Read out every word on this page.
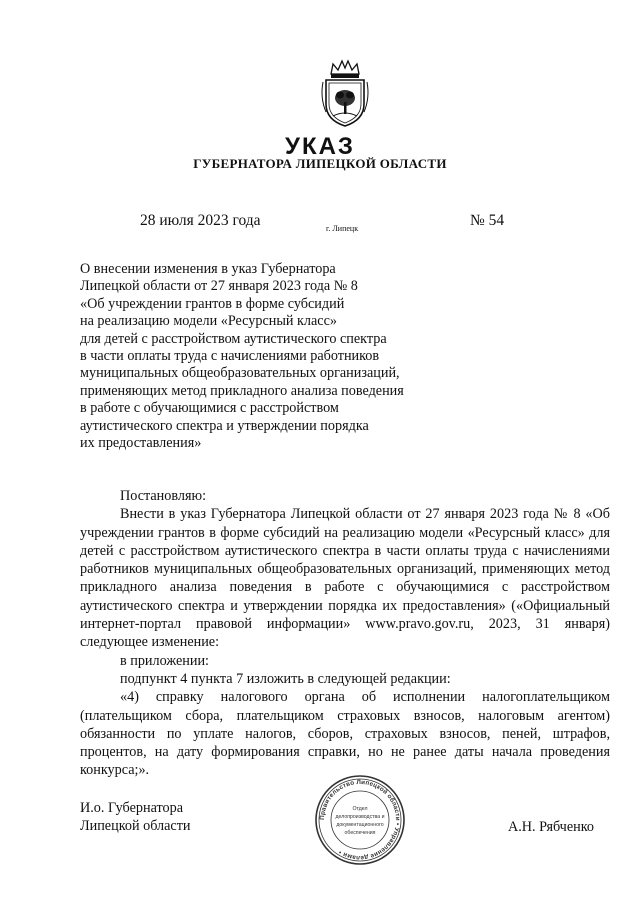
УКАЗ
ГУБЕРНАТОРА ЛИПЕЦКОЙ ОБЛАСТИ
28 июля 2023 года	г. Липецк	№ 54
О внесении изменения в указ Губернатора
Липецкой области от 27 января 2023 года № 8
«Об учреждении грантов в форме субсидий
на реализацию модели «Ресурсный класс»
для детей с расстройством аутистического спектра
в части оплаты труда с начислениями работников
муниципальных общеобразовательных организаций,
применяющих метод прикладного анализа поведения
в работе с обучающимися с расстройством
аутистического спектра и утверждении порядка
их предоставления»

Постановляю:

Внести в указ Губернатора Липецкой области от 27 января 2023 года № 8 «Об учреждении грантов в форме субсидий на реализацию модели «Ресурсный класс» для детей с расстройством аутистического спектра в части оплаты труда с начислениями работников муниципальных общеобразовательных организаций, применяющих метод прикладного анализа поведения в работе с обучающимися с расстройством аутистического спектра и утверждении порядка их предоставления» («Официальный интернет-портал правовой информации» www.pravo.gov.ru, 2023, 31 января) следующее изменение:

в приложении:

подпункт 4 пункта 7 изложить в следующей редакции:

«4) справку налогового органа об исполнении налогоплательщиком (плательщиком сбора, плательщиком страховых взносов, налоговым агентом) обязанности по уплате налогов, сборов, страховых взносов, пеней, штрафов, процентов, на дату формирования справки, но не ранее даты начала проведения конкурса;».

И.о. Губернатора
Липецкой области
Правительство Липецкой области • Управление делами •
Отдел
делопроизводства и
документационного
обеспечения	А.Н. Рябченко
